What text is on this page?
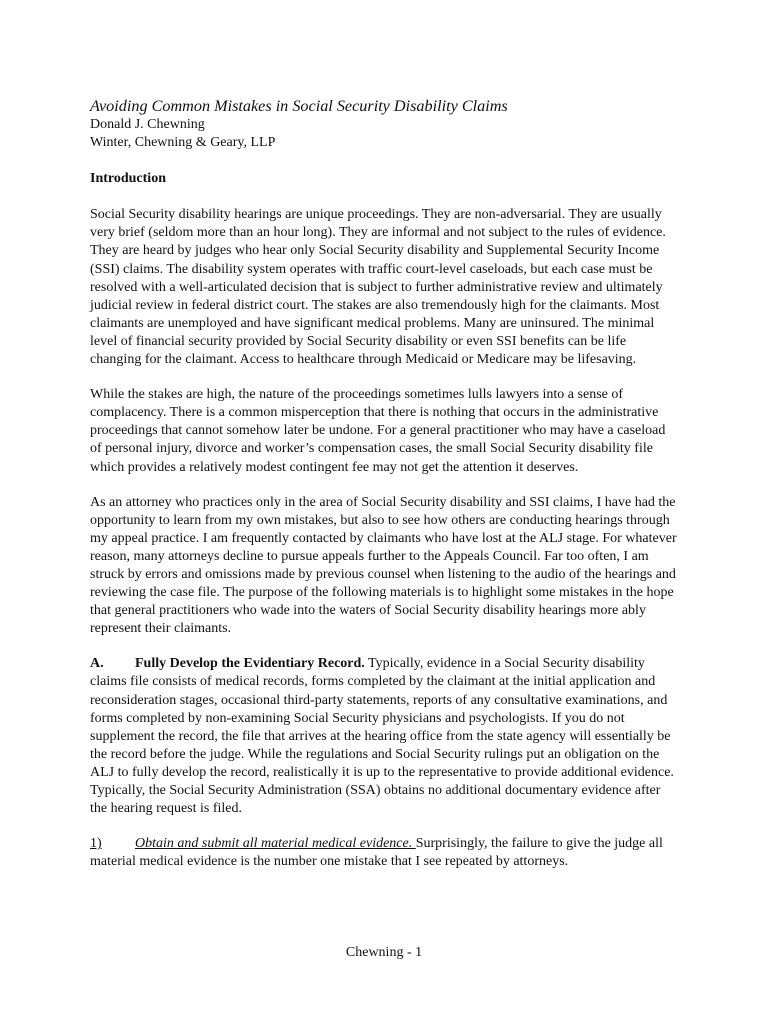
Avoiding Common Mistakes in Social Security Disability Claims
Donald J. Chewning
Winter, Chewning & Geary, LLP
Introduction

Social Security disability hearings are unique proceedings. They are non-adversarial. They are usually very brief (seldom more than an hour long). They are informal and not subject to the rules of evidence. They are heard by judges who hear only Social Security disability and Supplemental Security Income (SSI) claims. The disability system operates with traffic court-level caseloads, but each case must be resolved with a well-articulated decision that is subject to further administrative review and ultimately judicial review in federal district court. The stakes are also tremendously high for the claimants. Most claimants are unemployed and have significant medical problems. Many are uninsured. The minimal level of financial security provided by Social Security disability or even SSI benefits can be life changing for the claimant. Access to healthcare through Medicaid or Medicare may be lifesaving.

While the stakes are high, the nature of the proceedings sometimes lulls lawyers into a sense of complacency. There is a common misperception that there is nothing that occurs in the administrative proceedings that cannot somehow later be undone. For a general practitioner who may have a caseload of personal injury, divorce and worker’s compensation cases, the small Social Security disability file which provides a relatively modest contingent fee may not get the attention it deserves.

As an attorney who practices only in the area of Social Security disability and SSI claims, I have had the opportunity to learn from my own mistakes, but also to see how others are conducting hearings through my appeal practice. I am frequently contacted by claimants who have lost at the ALJ stage. For whatever reason, many attorneys decline to pursue appeals further to the Appeals Council. Far too often, I am struck by errors and omissions made by previous counsel when listening to the audio of the hearings and reviewing the case file. The purpose of the following materials is to highlight some mistakes in the hope that general practitioners who wade into the waters of Social Security disability hearings more ably represent their claimants.

A. Fully Develop the Evidentiary Record. Typically, evidence in a Social Security disability claims file consists of medical records, forms completed by the claimant at the initial application and reconsideration stages, occasional third-party statements, reports of any consultative examinations, and forms completed by non-examining Social Security physicians and psychologists. If you do not supplement the record, the file that arrives at the hearing office from the state agency will essentially be the record before the judge. While the regulations and Social Security rulings put an obligation on the ALJ to fully develop the record, realistically it is up to the representative to provide additional evidence. Typically, the Social Security Administration (SSA) obtains no additional documentary evidence after the hearing request is filed.

1) Obtain and submit all material medical evidence. Surprisingly, the failure to give the judge all material medical evidence is the number one mistake that I see repeated by attorneys.

Chewning - 1
